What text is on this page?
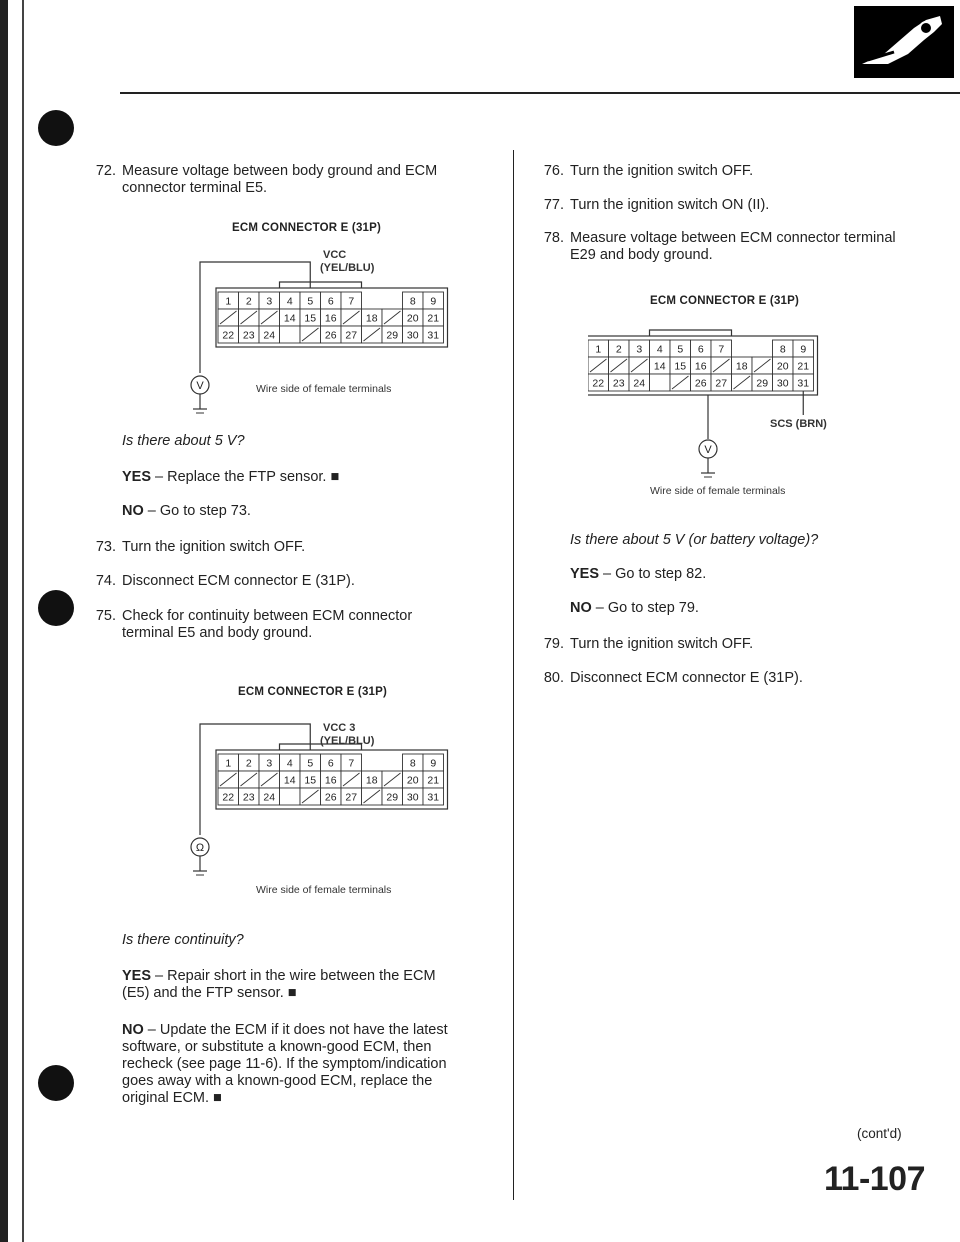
72. Measure voltage between body ground and ECM
connector terminal E5.
ECM CONNECTOR E (31P)
1 2 3 4 5 6 7	8 9
14 15 16	18	20 21
22 23 24	26 27	29 30 31
V
VCC
(YEL/BLU)
Wire side of female terminals
Is there about 5 V?
YES – Replace the FTP sensor. ■
NO – Go to step 73.
73. Turn the ignition switch OFF.
74. Disconnect ECM connector E (31P).
75. Check for continuity between ECM connector
terminal E5 and body ground.
ECM CONNECTOR E (31P)
1 2 3 4 5 6 7	8 9
14 15 16	18	20 21
22 23 24	26 27	29 30 31
Ω
VCC 3
(YEL/BLU)
Wire side of female terminals
Is there continuity?
YES – Repair short in the wire between the ECM
(E5) and the FTP sensor. ■
NO – Update the ECM if it does not have the latest
software, or substitute a known-good ECM, then
recheck (see page 11-6). If the symptom/indication
goes away with a known-good ECM, replace the
original ECM. ■
76. Turn the ignition switch OFF.
77. Turn the ignition switch ON (II).
78. Measure voltage between ECM connector terminal
E29 and body ground.
ECM CONNECTOR E (31P)
1 2 3 4 5 6 7	8 9
14 15 16	18	20 21
22 23 24	26 27	29 30 31
V
SCS (BRN)
Wire side of female terminals
Is there about 5 V (or battery voltage)?
YES – Go to step 82.
NO – Go to step 79.
79. Turn the ignition switch OFF.
80. Disconnect ECM connector E (31P).
(cont'd)
11-107
